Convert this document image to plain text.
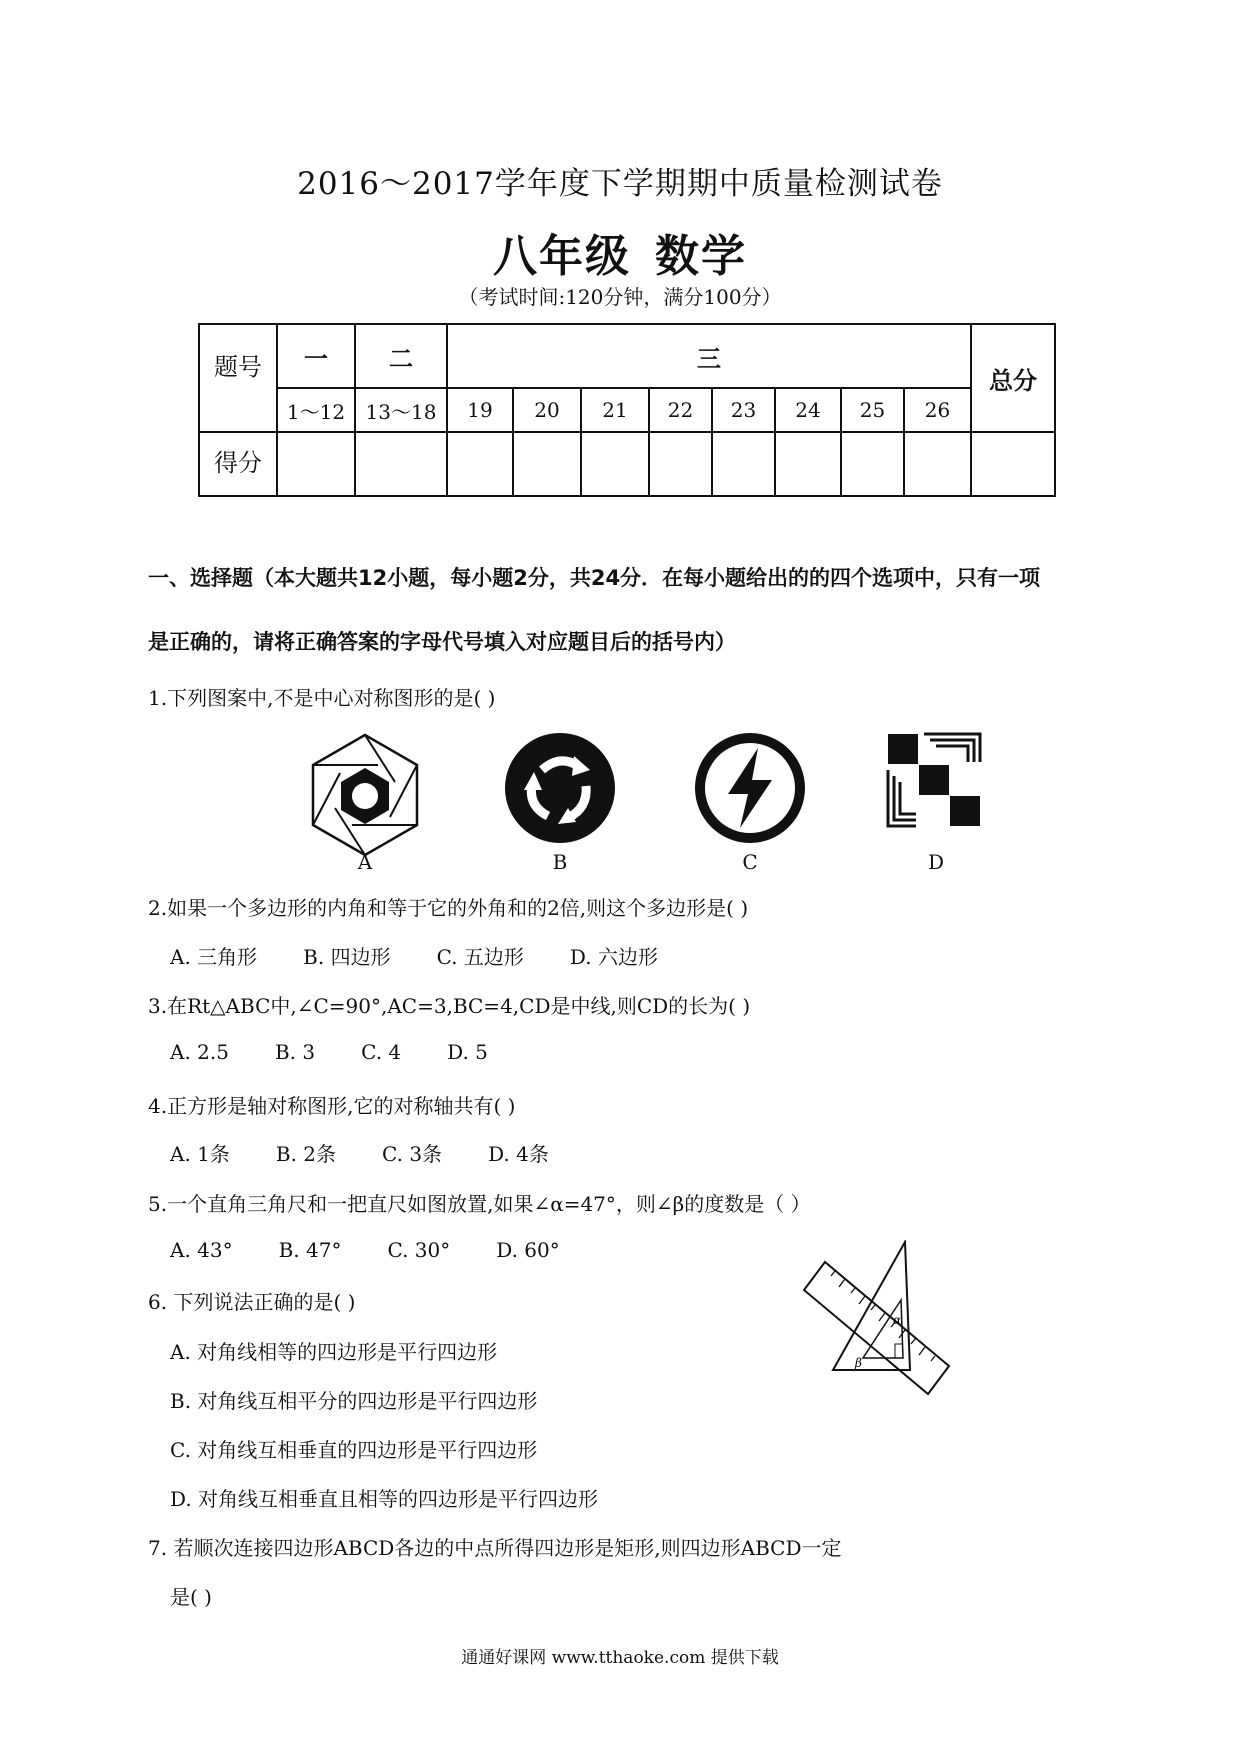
2016～2017学年度下学期期中质量检测试卷
八年级 数学
（考试时间:120分钟，满分100分）
题号	一	二	三								总分
	1～12	13～18	19	20	21	22	23	24	25	26	
得分											
一、选择题（本大题共12小题，每小题2分，共24分．在每小题给出的的四个选项中，只有一项
是正确的，请将正确答案的字母代号填入对应题目后的括号内）
1.下列图案中,不是中心对称图形的是( )
A	B	C	D
2.如果一个多边形的内角和等于它的外角和的2倍,则这个多边形是( )
A. 三角形 B. 四边形 C. 五边形 D. 六边形
3.在Rt△ABC中,∠C=90°,AC=3,BC=4,CD是中线,则CD的长为( )
A. 2.5 B. 3 C. 4 D. 5
4.正方形是轴对称图形,它的对称轴共有( )
A. 1条 B. 2条 C. 3条 D. 4条
5.一个直角三角尺和一把直尺如图放置,如果∠α=47°，则∠β的度数是（ ）
A. 43° B. 47° C. 30° D. 60°
α
β
6. 下列说法正确的是( )
A. 对角线相等的四边形是平行四边形
B. 对角线互相平分的四边形是平行四边形
C. 对角线互相垂直的四边形是平行四边形
D. 对角线互相垂直且相等的四边形是平行四边形
7. 若顺次连接四边形ABCD各边的中点所得四边形是矩形,则四边形ABCD一定
是( )
通通好课网 www.tthaoke.com 提供下载
